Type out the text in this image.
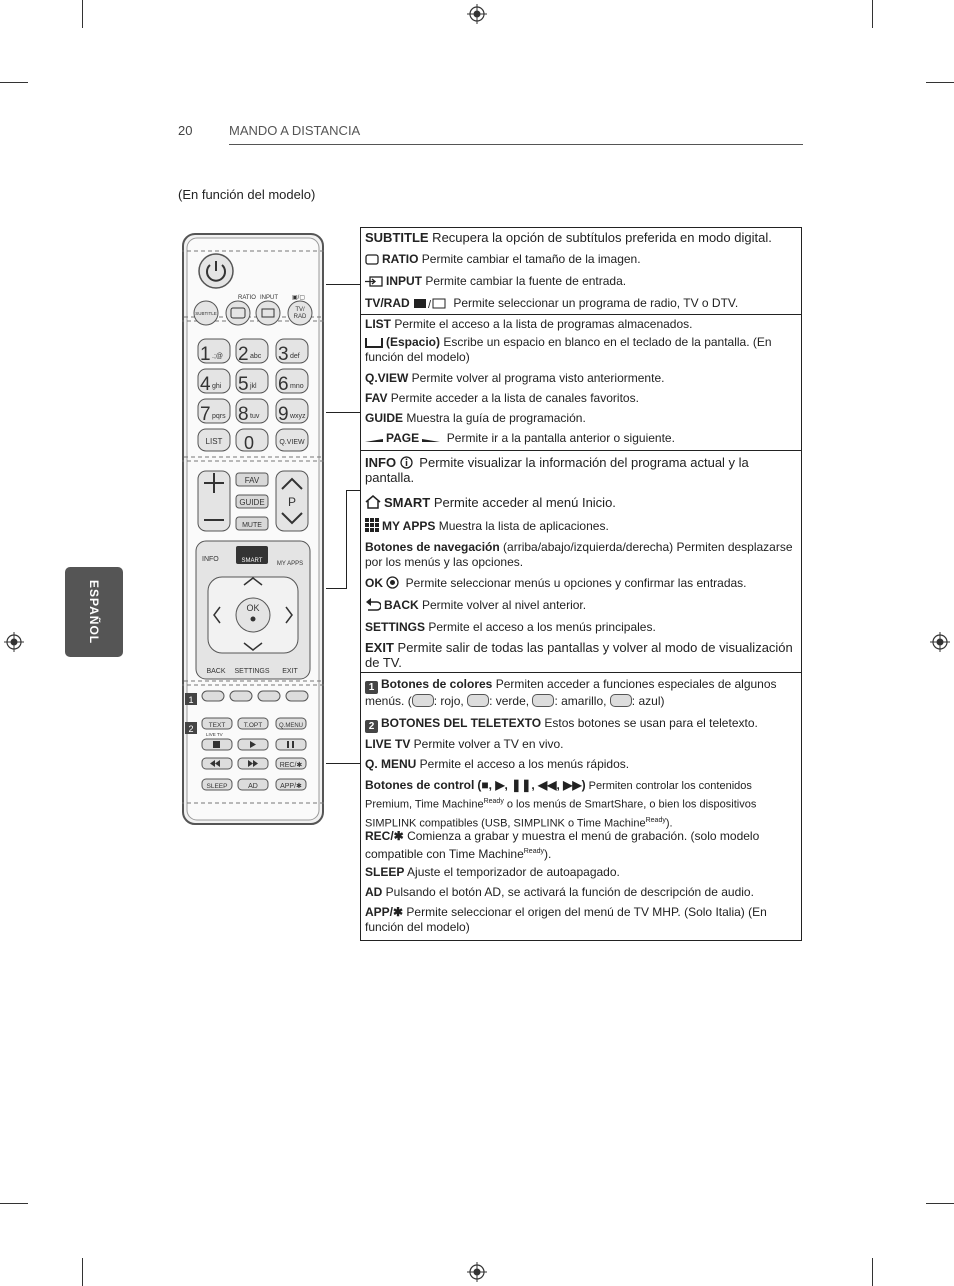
20	MANDO A DISTANCIA
(En función del modelo)
ESPAÑOL
RATIO INPUT ▣/▢
SUBTITLE
TV/
RAD
1 .;@ 2 abc 3 def
4 ghi 5 jkl 6 mno
7 pqrs 8 tuv 9 wxyz
LIST 0	Q.VIEW
FAV
GUIDE
MUTE
P
INFO	SMART MY APPS
OK
BACK SETTINGS EXIT
1
2 TEXT	T.OPT	Q.MENU
LIVE TV
REC/✱
SLEEP	AD	APP/✱
SUBTITLE Recupera la opción de subtítulos preferida en modo digital.
RATIO Permite cambiar el tamaño de la imagen.
INPUT Permite cambiar la fuente de entrada.
TV/RAD / Permite seleccionar un programa de radio, TV o DTV.
LIST Permite el acceso a la lista de programas almacenados.
(Espacio) Escribe un espacio en blanco en el teclado de la pantalla. (En función del modelo)
Q.VIEW Permite volver al programa visto anteriormente.
FAV Permite acceder a la lista de canales favoritos.
GUIDE Muestra la guía de programación.
PAGE  Permite ir a la pantalla anterior o siguiente.
INFO  Permite visualizar la información del programa actual y la pantalla.
SMART Permite acceder al menú Inicio.
MY APPS Muestra la lista de aplicaciones.
Botones de navegación (arriba/abajo/izquierda/derecha) Permiten desplazarse por los menús y las opciones.
OK  Permite seleccionar menús u opciones y confirmar las entradas.
BACK Permite volver al nivel anterior.
SETTINGS Permite el acceso a los menús principales.
EXIT Permite salir de todas las pantallas y volver al modo de visualización de TV.
1 Botones de colores Permiten acceder a funciones especiales de algunos menús. ( : rojo, : verde, : amarillo, : azul)
2 BOTONES DEL TELETEXTO Estos botones se usan para el teletexto.
LIVE TV Permite volver a TV en vivo.
Q. MENU Permite el acceso a los menús rápidos.
Botones de control (■, ▶, ❚❚, ◀◀, ▶▶) Permiten controlar los contenidos Premium, Time Machine$^{Ready}$ o los menús de SmartShare, o bien los dispositivos SIMPLINK compatibles (USB, SIMPLINK o Time Machine$^{Ready}$).
REC/✱ Comienza a grabar y muestra el menú de grabación. (solo modelo compatible con Time Machine$^{Ready}$).
SLEEP Ajuste el temporizador de autoapagado.
AD Pulsando el botón AD, se activará la función de descripción de audio.
APP/✱ Permite seleccionar el origen del menú de TV MHP. (Solo Italia) (En función del modelo)
